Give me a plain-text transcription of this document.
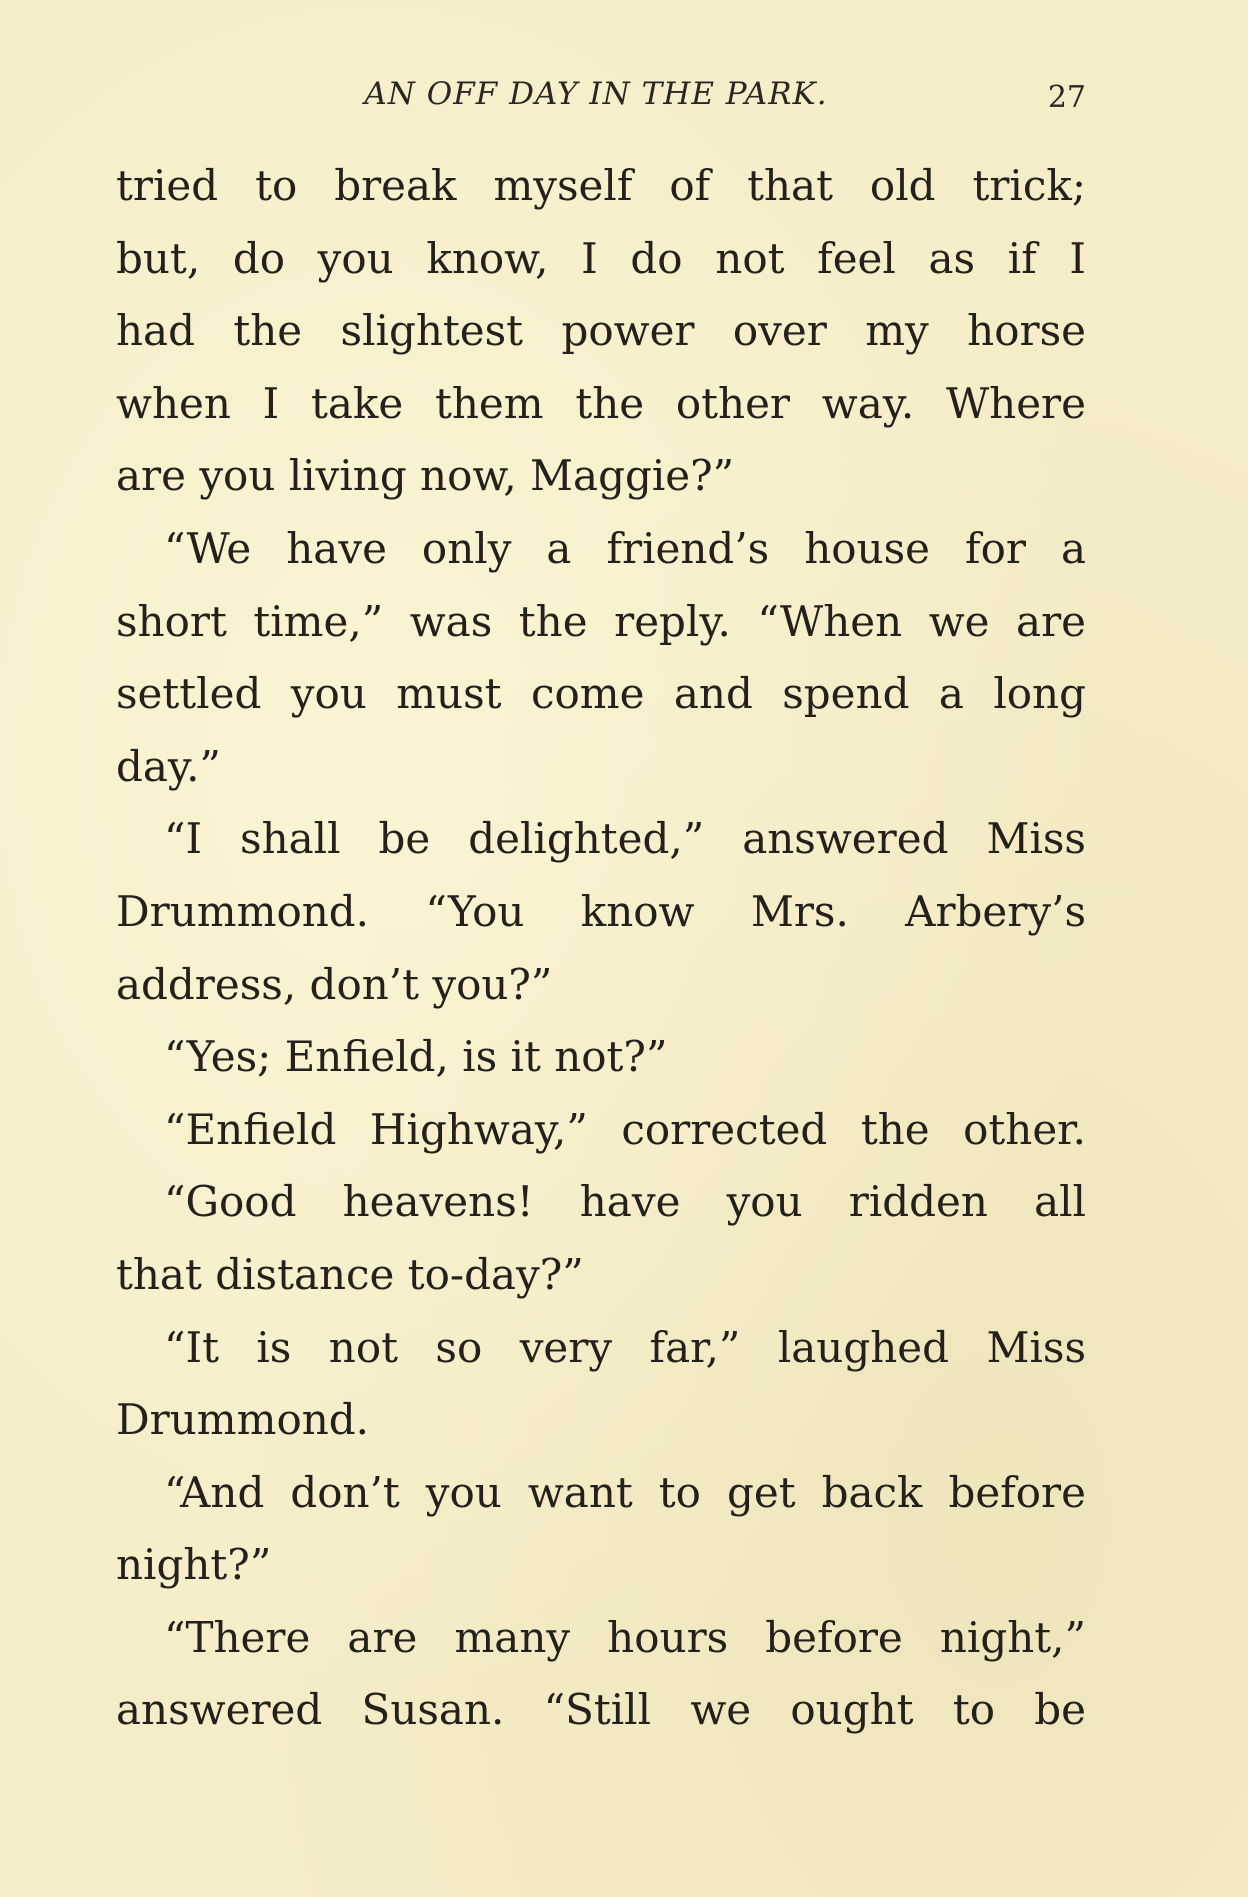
AN OFF DAY IN THE PARK.	27
tried to break myself of that old trick;
but, do you know, I do not feel as if I
had the slightest power over my horse
when I take them the other way. Where
are you living now, Maggie?”
“We have only a friend’s house for a
short time,” was the reply. “When we are
settled you must come and spend a long
day.”
“I shall be delighted,” answered Miss
Drummond. “You know Mrs. Arbery’s
address, don’t you?”
“Yes; Enfield, is it not?”
“Enfield Highway,” corrected the other.
“Good heavens! have you ridden all
that distance to-day?”
“It is not so very far,” laughed Miss
Drummond.
“And don’t you want to get back before
night?”
“There are many hours before night,”
answered Susan. “Still we ought to be
